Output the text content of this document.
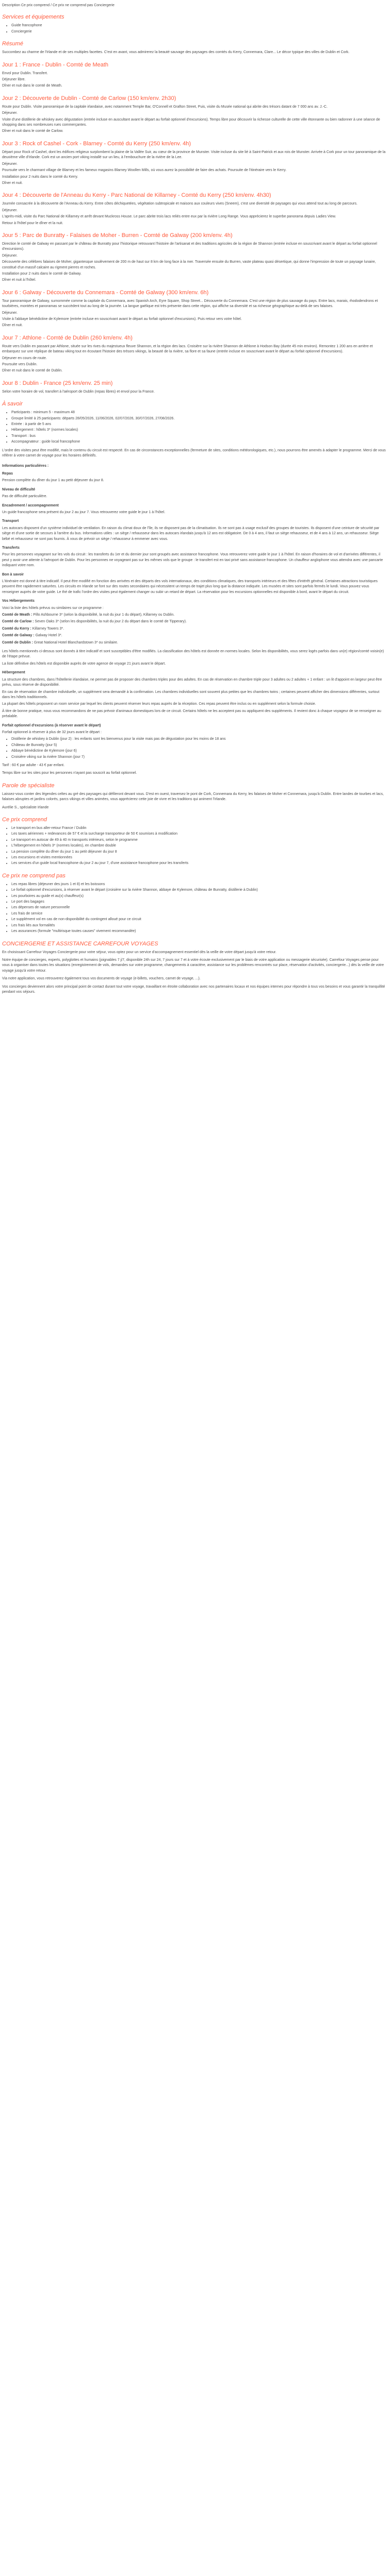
Description Ce prix comprend / Ce prix ne comprend pas Conciergerie

Services et équipements
• Guide francophone
• Conciergerie
Résumé

Succombez au charme de l'Irlande et de ses multiples facettes. C'est en avant, vous admirerez la beauté sauvage des paysages des comtés du Kerry, Connemara, Clare... Le décor typique des villes de Dublin et Cork.

Jour 1 : France - Dublin - Comté de Meath

Envol pour Dublin. Transfert.

Déjeuner libre.

Dîner et nuit dans le comté de Meath.

Jour 2 : Découverte de Dublin - Comté de Carlow (150 km/env. 2h30)

Route pour Dublin. Visite panoramique de la capitale irlandaise, avec notamment Temple Bar, O'Connell et Grafton Street, Puis, visite du Musée national qui abrite des trésors datant de 7 000 ans av. J.-C.

Déjeuner.

Visite d'une distillerie de whiskey avec dégustation (entrée incluse en auscultant avant le départ au forfait optionnel d'excursions). Temps libre pour découvrir la richesse culturelle de cette ville étonnante ou bien radonner à une séance de shopping dans ses nombreuses rues commerçantes.

Dîner et nuit dans le comté de Carlow.

Jour 3 : Rock of Cashel - Cork - Blarney - Comté du Kerry (250 km/env. 4h)

Départ pour Rock of Cashel, dont les édifices religieux surplombent la plaine de la Vallée Suir, au cœur de la province de Munster. Visite incluse du site lié à Saint-Patrick et aux rois de Munster. Arrivée à Cork pour un tour panoramique de la deuxième ville d'Irlande. Cork est un ancien port viking installé sur un lieu, à l'embouchure de la rivière de la Lee.

Déjeuner.

Poursuite vers le charmant village de Blarney et les fameux magasins Blarney Woollen Mills, où vous aurez la possibilité de faire des achats. Poursuite de l'itinéraire vers le Kerry.

Installation pour 2 nuits dans le comté du Kerry.

Dîner et nuit.

Jour 4 : Découverte de l'Anneau du Kerry - Parc National de Killarney - Comté du Kerry (250 km/env. 4h30)

Journée consacrée à la découverte de l'Anneau du Kerry. Entre côtes déchiquetées, végétation subtropicale et maisons aux couleurs vives (Sneem), c'est une diversité de paysages qui vous attend tout au long de parcours.

Déjeuner.

L'après-midi, visite du Parc National de Killarney et arrêt devant Muckross House. Le parc abrite trois lacs reliés entre eux par la rivière Long Range. Vous apprécierez le superbe panorama depuis Ladies View.

Retour à l'hôtel pour le dîner et la nuit.

Jour 5 : Parc de Bunratty - Falaises de Moher - Burren - Comté de Galway (200 km/env. 4h)

Direction le comté de Galway en passant par le château de Bunratty pour l'historique retrouvant l'histoire de l'artisanat et des traditions agricoles de la région de Shannon (entrée incluse en souscrivant avant le départ au forfait optionnel d'excursions).

Déjeuner.

Découverte des célèbres falaises de Moher, gigantesque soulèvement de 200 m de haut sur 8 km de long face à la mer. Traversée ensuite du Burren, vaste plateau quasi désertique, qui donne l'impression de toute un paysage lunaire, constitué d'un massif calcaire au rigment pierres et roches.

Installation pour 2 nuits dans le comté de Galway.

Dîner et nuit à l'hôtel.

Jour 6 : Galway - Découverte du Connemara - Comté de Galway (300 km/env. 6h)

Tour panoramique de Galway, surnommée comme la capitale du Connemara, avec Spanish Arch, Eyre Square, Shop Street... Découverte du Connemara. C'est une région de plus sauvage du pays. Entre lacs, marais, rhododendrons et tourbières, montées et panoramas se succèdent tout au long de la journée. La langue gaélique est très présente dans cette région, qui affiche sa diversité et sa richesse géographique au-delà de ses falaises.

Déjeuner.

Visite à l'abbaye bénédictine de Kylemore (entrée incluse en souscrivant avant le départ au forfait optionnel d'excursions). Puis retour vers votre hôtel.

Dîner et nuit.

Jour 7 : Athlone - Comté de Dublin (260 km/env. 4h)

Route vers Dublin en passant par Athlone, située sur les rives du majestueux fleuve Shannon, et la région des lacs. Croisière sur la rivière Shannon de Athlone à Hodson Bay (durée 45 min environ). Remontez 1 200 ans en arrière et embarquez sur une réplique de bateau viking tout en écoutant l'histoire des trésors vikings, la beauté de la rivière, sa flore et sa faune (entrée incluse en souscrivant avant le départ au forfait optionnel d'excursions).

Déjeuner en cours de route.

Poursuite vers Dublin.

Dîner et nuit dans le comté de Dublin.

Jour 8 : Dublin - France (25 km/env. 25 min)

Selon votre horaire de vol, transfert à l'aéroport de Dublin (repas libres) et envol pour la France.

À savoir
• Participants : minimum 5 - maximum 48
• Groupe limité à 25 participants: départs 28/05/2026, 11/06/2026, 02/07/2026, 30/07/2026, 27/08/2026.
• Entrée : à partir de 5 ans
• Hébergement : hôtels 3* (normes locales)
• Transport : bus
• Accompagnateur : guide local francophone

L'ordre des visites peut être modifié, mais le contenu du circuit est respecté. En cas de circonstances exceptionnelles (fermeture de sites, conditions météorologiques, etc.), nous pourrons être amenés à adapter le programme. Merci de vous référer à votre carnet de voyage pour les horaires définitifs.

Informations particulières :

Repas

Pension complète du dîner du jour 1 au petit déjeuner du jour 8.

Niveau de difficulté

Pas de difficulté particulière.

Encadrement / accompagnement

Un guide francophone sera présent du jour 2 au jour 7. Vous retrouverez votre guide le jour 1 à l'hôtel.

Transport

Les autocars disposent d'un système individuel de ventilation. En raison du climat doux de l'île, ils ne disposent pas de la climatisation. Ils ne sont pas à usage exclusif des groupes de touristes. Ils disposent d'une ceinture de sécurité par siège et d'une sortie de secours à l'arrière du bus. Informations utiles : un siège / rehausseur dans les autocars irlandais jusqu'à 12 ans est obligatoire. De 0 à 4 ans, il faut un siège rehausseur, et de 4 ans à 12 ans, un rehausseur. Siège bébé et rehausseur ne sont pas fournis. À vous de prévoir un siège / rehausseur à emmener avec vous.

Transferts

Pour les personnes voyageant sur les vols du circuit : les transferts du 1er et du dernier jour sont groupés avec assistance francophone. Vous retrouverez votre guide le jour 1 à l'hôtel. En raison d'horaires de vol et d'arrivées différentes, il peut y avoir une attente à l'aéroport de Dublin. Pour les personnes ne voyageant pas sur les mêmes vols que le groupe : le transfert est en taxi privé sans assistance francophone. Un chauffeur anglophone vous attendra avec une pancarte indiquant votre nom.

Bon à savoir

L'itinéraire est donné à titre indicatif. Il peut être modifié en fonction des arrivées et des départs des vols internationaux, des conditions climatiques, des transports intérieurs et des fêtes d'intérêt général. Certaines attractions touristiques peuvent être rapidement saturées. Les circuits en Irlande se font sur des routes secondaires qui nécessitent un temps de trajet plus long que la distance indiquée. Les musées et sites sont parfois fermés le lundi. Vous pouvez vous renseigner auprès de votre guide. Le thé de trafic l'ordre des visites peut également changer ou subir un retard de départ. La réservation pour les excursions optionnelles est disponible à bord, avant le départ du circuit.

Vos Hébergements

Voici la liste des hôtels prévus ou similaires sur ce programme :

Comté de Meath : Pillo Ashbourne 3* (selon la disponibilité, la nuit du jour 1 du départ), Killarney ou Dublin.

Comté de Carlow : Seven Oaks 3* (selon les disponibilités, la nuit du jour 2 du départ dans le comté de Tipperary).

Comté du Kerry : Killarney Towers 3*.

Comté de Galway : Galway Hotel 3*.

Comté de Dublin : Great National Hotel Blanchardstown 3* ou similaire.

Les hôtels mentionnés ci-dessus sont donnés à titre indicatif et sont susceptibles d'être modifiés. La classification des hôtels est donnée en normes locales. Selon les disponibilités, vous serez logés parfois dans un(e) région/comté voisin(e) de l'étape prévue.

La liste définitive des hôtels est disponible auprès de votre agence de voyage 21 jours avant le départ.

Hébergement

La structure des chambres, dans l'hôtellerie irlandaise, ne permet pas de proposer des chambres triples pour des adultes. En cas de réservation en chambre triple pour 3 adultes ou 2 adultes + 1 enfant : un lit d'appoint en largeur peut être prévu, sous réserve de disponibilité.

En cas de réservation de chambre individuelle, un supplément sera demandé à la confirmation. Les chambres individuelles sont souvent plus petites que les chambres twins ; certaines peuvent afficher des dimensions différentes, surtout dans les hôtels traditionnels.

La plupart des hôtels proposent un room service par lequel les clients peuvent réserver leurs repas auprès de la réception. Ces repas peuvent être inclus ou en supplément selon la formule choisie.

À titre de bonne pratique, nous vous recommandons de ne pas prévoir d'animaux domestiques lors de ce circuit. Certains hôtels ne les acceptent pas ou appliquent des suppléments. Il revient donc à chaque voyageur de se renseigner au préalable.

Forfait optionnel d'excursions (à réserver avant le départ)

Forfait optionnel à réserver à plus de 32 jours avant le départ :

• Distillerie de whiskey à Dublin (jour 2) : les enfants sont les bienvenus pour la visite mais pas de dégustation pour les moins de 18 ans
• Château de Bunratty (jour 5)
• Abbaye bénédictine de Kylemore (jour 6)
• Croisière viking sur la rivière Shannon (jour 7)

Tarif : 60 € par adulte - 43 € par enfant.

Temps libre sur les sites pour les personnes n'ayant pas souscrit au forfait optionnel.

Parole de spécialiste

Laissez-vous conter des légendes celtes au gré des paysages qui défileront devant vous. D'est en ouest, traversez le pont de Cork, Connemara du Kerry, les falaises de Moher et Connemara, jusqu'à Dublin. Entre landes de tourbes et lacs, falaises abruptes et jardins colorés, parcs vikings et villes animées, vous apprécierez cette joie de vivre et les traditions qui animent l'Irlande.

Aurélie S., spécialiste Irlande

Ce prix comprend
• Le transport en bus aller-retour France / Dublin
• Les taxes aériennes + redevances de 57 € et la surcharge transporteur de 50 € soumises à modification
• Le transport en autocar de 49 à 40 m transports intérieurs, selon le programme
• L'hébergement en hôtels 3* (normes locales), en chambre double
• La pension complète du dîner du jour 1 au petit déjeuner du jour 8
• Les excursions et visites mentionnées
• Les services d'un guide local francophone du jour 2 au jour 7, d'une assistance francophone pour les transferts
Ce prix ne comprend pas
• Les repas libres (déjeuner des jours 1 et 8) et les boissons
• Le forfait optionnel d'excursions, à réserver avant le départ (croisière sur la rivière Shannon, abbaye de Kylemore, château de Bunratty, distillerie à Dublin)
• Les pourboires au guide et au(x) chauffeur(s)
• Le port des bagages
• Les dépenses de nature personnelle
• Les frais de service
• Le supplément vol en cas de non-disponibilité du contingent alloué pour ce circuit
• Les frais liés aux formalités
• Les assurances (formule "multirisque toutes causes" vivement recommandée)
CONCIERGERIE ET ASSISTANCE CARREFOUR VOYAGES

En choisissant Carrefour Voyages Conciergerie pour votre séjour, vous optez pour un service d'accompagnement essentiel dès la veille de votre départ jusqu'à votre retour.

Notre équipe de concierges, experts, polyglottes et humains (joignables 7 j/7, disponible 24h sur 24, 7 jours sur 7 et à votre écoute exclusivement par le biais de votre application ou messagerie sécurisée). Carrefour Voyages pense pour vous à organiser dans toutes les situations (enregistrement de vols, demandes sur votre programme, changements à caractère, assistance sur les problèmes rencontrés sur place, réservation d'activités, conciergerie...) dès la veille de votre voyage jusqu'à votre retour.

Via notre application, vous retrouverez également tous vos documents de voyage (e-billets, vouchers, carnet de voyage, ...).

Vos concierges deviennent alors votre principal point de contact durant tout votre voyage, travaillant en étroite collaboration avec nos partenaires locaux et nos équipes internes pour répondre à tous vos besoins et vous garantir la tranquillité pendant vos séjours.
